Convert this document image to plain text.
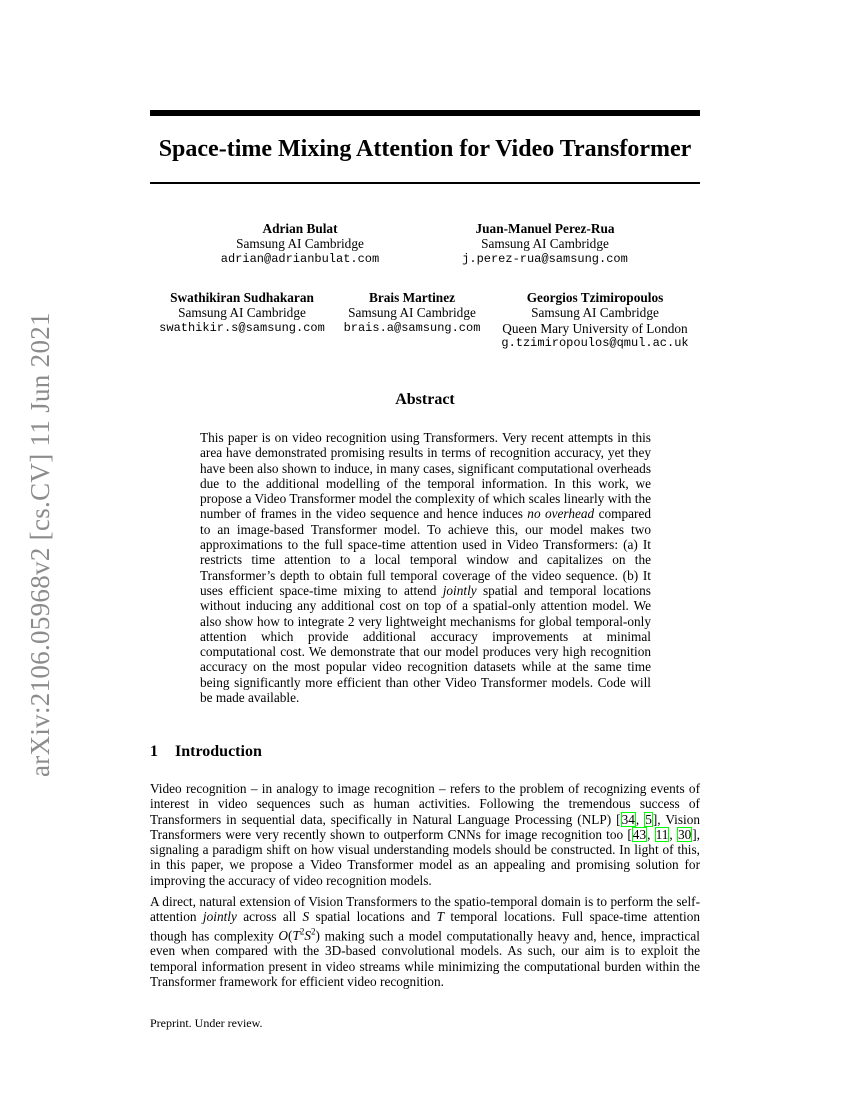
arXiv:2106.05968v2 [cs.CV] 11 Jun 2021
Space-time Mixing Attention for Video Transformer
Adrian Bulat
Samsung AI Cambridge
adrian@adrianbulat.com
Juan-Manuel Perez-Rua
Samsung AI Cambridge
j.perez-rua@samsung.com
Swathikiran Sudhakaran
Samsung AI Cambridge
swathikir.s@samsung.com
Brais Martinez
Samsung AI Cambridge
brais.a@samsung.com
Georgios Tzimiropoulos
Samsung AI Cambridge
Queen Mary University of London
g.tzimiropoulos@qmul.ac.uk
Abstract

This paper is on video recognition using Transformers. Very recent attempts in this area have demonstrated promising results in terms of recognition accuracy, yet they have been also shown to induce, in many cases, significant computational overheads due to the additional modelling of the temporal information. In this work, we propose a Video Transformer model the complexity of which scales linearly with the number of frames in the video sequence and hence induces no overhead compared to an image-based Transformer model. To achieve this, our model makes two approximations to the full space-time attention used in Video Transformers: (a) It restricts time attention to a local temporal window and capitalizes on the Transformer’s depth to obtain full temporal coverage of the video sequence. (b) It uses efficient space-time mixing to attend jointly spatial and temporal locations without inducing any additional cost on top of a spatial-only attention model. We also show how to integrate 2 very lightweight mechanisms for global temporal-only attention which provide additional accuracy improvements at minimal computational cost. We demonstrate that our model produces very high recognition accuracy on the most popular video recognition datasets while at the same time being significantly more efficient than other Video Transformer models. Code will be made available.

1 Introduction

Video recognition – in analogy to image recognition – refers to the problem of recognizing events of interest in video sequences such as human activities. Following the tremendous success of Transformers in sequential data, specifically in Natural Language Processing (NLP) [34, 5], Vision Transformers were very recently shown to outperform CNNs for image recognition too [43, 11, 30], signaling a paradigm shift on how visual understanding models should be constructed. In light of this, in this paper, we propose a Video Transformer model as an appealing and promising solution for improving the accuracy of video recognition models.

A direct, natural extension of Vision Transformers to the spatio-temporal domain is to perform the self-attention jointly across all S spatial locations and T temporal locations. Full space-time attention though has complexity $O(T^2S^2)$ making such a model computationally heavy and, hence, impractical even when compared with the 3D-based convolutional models. As such, our aim is to exploit the temporal information present in video streams while minimizing the computational burden within the Transformer framework for efficient video recognition.

Preprint. Under review.
